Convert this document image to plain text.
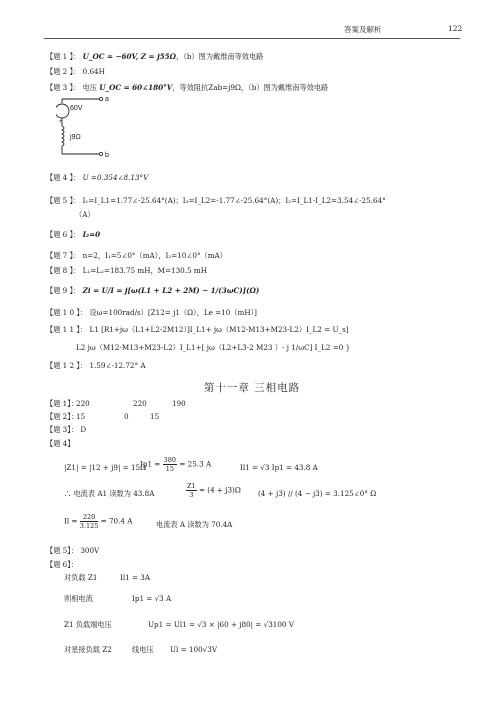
答案及解析	122
【题 1 】： U_OC = −60V, Z = j55Ω，（b）图为戴维南等效电路
【题 2 】： 0.64H
【题 3 】： 电压 U_OC = 60∠180°V，等效阻抗Zab=j9Ω，（b）图为戴维南等效电路
a
60V
+
j9Ω
b
【题 4 】： U =0.354∠8.13°V
【题 5 】： I₁=I_L1=1.77∠-25.64°(A)；I₃=I_L2=-1.77∠-25.64°(A)；I₂=I_L1-I_L2=3.54∠-25.64°
（A）
【题 6 】： I₂=0
【题 7 】： n=2，I₁=5∠0°（mA），I₂=10∠0°（mA）
【题 8 】： L₁=L₂=183.75 mH，M=130.5 mH
【题 9 】： Zi = U/I = j[ω(L1 + L2 + 2M) − 1/(3ωC)](Ω)
【题 1 0 】： 设ω=100rad/s）[Z12= j1（Ω），Le =10（mH）]
【题 1 1 】： L1 [R1+jω（L1+L2-2M12）]I_L1+ jω（M12-M13+M23-L2）I_L2 = U_s]
L2 jω（M12-M13+M23-L2）I_L1+[ jω（L2+L3-2 M23 ）- j 1/ωC] I_L2 =0 }
【题 1 2 】： 1.59∠-12.72° A
第十一章 三相电路
【题 1】：
220	220	190
【题 2】：
15	0	15
【题 3】： D
【题 4】
|Z1| = |12 + j9| = 15Ω
$Ip1 = \frac{380}{15} = 25.3$ A	Il1 = √3 Ip1 = 43.8 A
∴ 电流表 A1 读数为 43.8A	$\frac{Z1}{3} = (4 + j3)\Omega$ (4 + j3) // (4 − j3) = 3.125∠0° Ω
$Il = \frac{220}{3.125} = 70.4$ A	电流表 A 读数为 70.4A
【题 5】： 300V
【题 6】：
对负载 Z1	Il1 = 3A
则相电流	Ip1 = √3 A
Z1 负载端电压	Up1 = Ul1 = √3 × |60 + j80| = √3100 V
对星接负载 Z2	线电压 Ul = 100√3V
